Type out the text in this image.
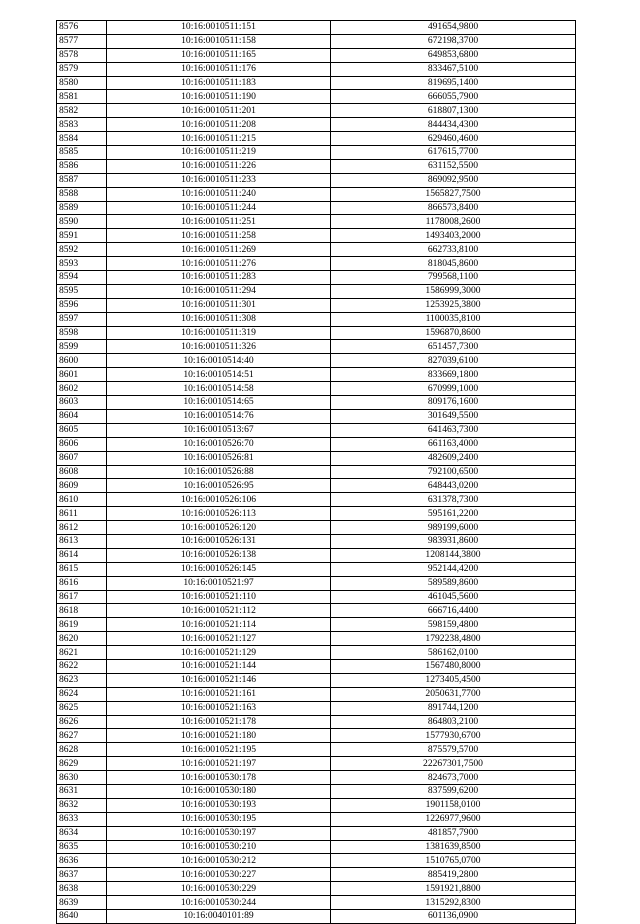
8576	10:16:0010511:151	491654,9800
8577	10:16:0010511:158	672198,3700
8578	10:16:0010511:165	649853,6800
8579	10:16:0010511:176	833467,5100
8580	10:16:0010511:183	819695,1400
8581	10:16:0010511:190	666055,7900
8582	10:16:0010511:201	618807,1300
8583	10:16:0010511:208	844434,4300
8584	10:16:0010511:215	629460,4600
8585	10:16:0010511:219	617615,7700
8586	10:16:0010511:226	631152,5500
8587	10:16:0010511:233	869092,9500
8588	10:16:0010511:240	1565827,7500
8589	10:16:0010511:244	866573,8400
8590	10:16:0010511:251	1178008,2600
8591	10:16:0010511:258	1493403,2000
8592	10:16:0010511:269	662733,8100
8593	10:16:0010511:276	818045,8600
8594	10:16:0010511:283	799568,1100
8595	10:16:0010511:294	1586999,3000
8596	10:16:0010511:301	1253925,3800
8597	10:16:0010511:308	1100035,8100
8598	10:16:0010511:319	1596870,8600
8599	10:16:0010511:326	651457,7300
8600	10:16:0010514:40	827039,6100
8601	10:16:0010514:51	833669,1800
8602	10:16:0010514:58	670999,1000
8603	10:16:0010514:65	809176,1600
8604	10:16:0010514:76	301649,5500
8605	10:16:0010513:67	641463,7300
8606	10:16:0010526:70	661163,4000
8607	10:16:0010526:81	482609,2400
8608	10:16:0010526:88	792100,6500
8609	10:16:0010526:95	648443,0200
8610	10:16:0010526:106	631378,7300
8611	10:16:0010526:113	595161,2200
8612	10:16:0010526:120	989199,6000
8613	10:16:0010526:131	983931,8600
8614	10:16:0010526:138	1208144,3800
8615	10:16:0010526:145	952144,4200
8616	10:16:0010521:97	589589,8600
8617	10:16:0010521:110	461045,5600
8618	10:16:0010521:112	666716,4400
8619	10:16:0010521:114	598159,4800
8620	10:16:0010521:127	1792238,4800
8621	10:16:0010521:129	586162,0100
8622	10:16:0010521:144	1567480,8000
8623	10:16:0010521:146	1273405,4500
8624	10:16:0010521:161	2050631,7700
8625	10:16:0010521:163	891744,1200
8626	10:16:0010521:178	864803,2100
8627	10:16:0010521:180	1577930,6700
8628	10:16:0010521:195	875579,5700
8629	10:16:0010521:197	22267301,7500
8630	10:16:0010530:178	824673,7000
8631	10:16:0010530:180	837599,6200
8632	10:16:0010530:193	1901158,0100
8633	10:16:0010530:195	1226977,9600
8634	10:16:0010530:197	481857,7900
8635	10:16:0010530:210	1381639,8500
8636	10:16:0010530:212	1510765,0700
8637	10:16:0010530:227	885419,2800
8638	10:16:0010530:229	1591921,8800
8639	10:16:0010530:244	1315292,8300
8640	10:16:0040101:89	601136,0900
